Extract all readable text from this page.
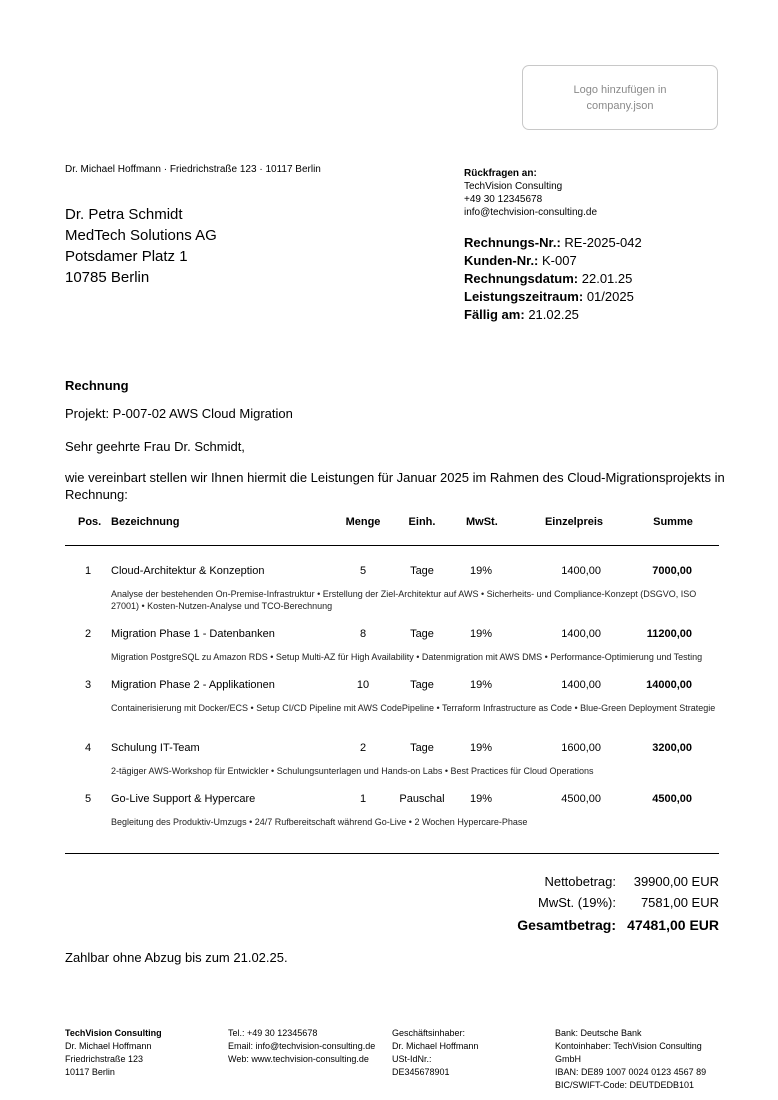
Logo hinzufügen in company.json
Dr. Michael Hoffmann · Friedrichstraße 123 · 10117 Berlin
Dr. Petra Schmidt
MedTech Solutions AG
Potsdamer Platz 1
10785 Berlin
Rückfragen an:
TechVision Consulting
+49 30 12345678
info@techvision-consulting.de
Rechnungs-Nr.: RE-2025-042
Kunden-Nr.: K-007
Rechnungsdatum: 22.01.25
Leistungszeitraum: 01/2025
Fällig am: 21.02.25
Rechnung
Projekt: P-007-02 AWS Cloud Migration
Sehr geehrte Frau Dr. Schmidt,
wie vereinbart stellen wir Ihnen hiermit die Leistungen für Januar 2025 im Rahmen des Cloud-Migrationsprojekts in Rechnung:
Pos. Bezeichnung	Menge	Einh.	MwSt.	Einzelpreis	Summe
1 Cloud-Architektur & Konzeption	5	Tage	19%	1400,00	7000,00
Analyse der bestehenden On-Premise-Infrastruktur • Erstellung der Ziel-Architektur auf AWS • Sicherheits- und Compliance-Konzept (DSGVO, ISO 27001) • Kosten-Nutzen-Analyse und TCO-Berechnung
2 Migration Phase 1 - Datenbanken	8	Tage	19%	1400,00	11200,00
Migration PostgreSQL zu Amazon RDS • Setup Multi-AZ für High Availability • Datenmigration mit AWS DMS • Performance-Optimierung und Testing
3 Migration Phase 2 - Applikationen	10	Tage	19%	1400,00	14000,00
Containerisierung mit Docker/ECS • Setup CI/CD Pipeline mit AWS CodePipeline • Terraform Infrastructure as Code • Blue-Green Deployment Strategie
4 Schulung IT-Team	2	Tage	19%	1600,00	3200,00
2-tägiger AWS-Workshop für Entwickler • Schulungsunterlagen und Hands-on Labs • Best Practices für Cloud Operations
5 Go-Live Support & Hypercare	1	Pauschal	19%	4500,00	4500,00
Begleitung des Produktiv-Umzugs • 24/7 Rufbereitschaft während Go-Live • 2 Wochen Hypercare-Phase
Nettobetrag:	39900,00 EUR
MwSt. (19%):	7581,00 EUR
Gesamtbetrag: 47481,00 EUR
Zahlbar ohne Abzug bis zum 21.02.25.
TechVision Consulting
Dr. Michael Hoffmann
Friedrichstraße 123
10117 Berlin
Tel.: +49 30 12345678
Email: info@techvision-consulting.de
Web: www.techvision-consulting.de
Geschäftsinhaber:
Dr. Michael Hoffmann
USt-IdNr.:
DE345678901
Bank: Deutsche Bank
Kontoinhaber: TechVision Consulting
GmbH
IBAN: DE89 1007 0024 0123 4567 89
BIC/SWIFT-Code: DEUTDEDB101
